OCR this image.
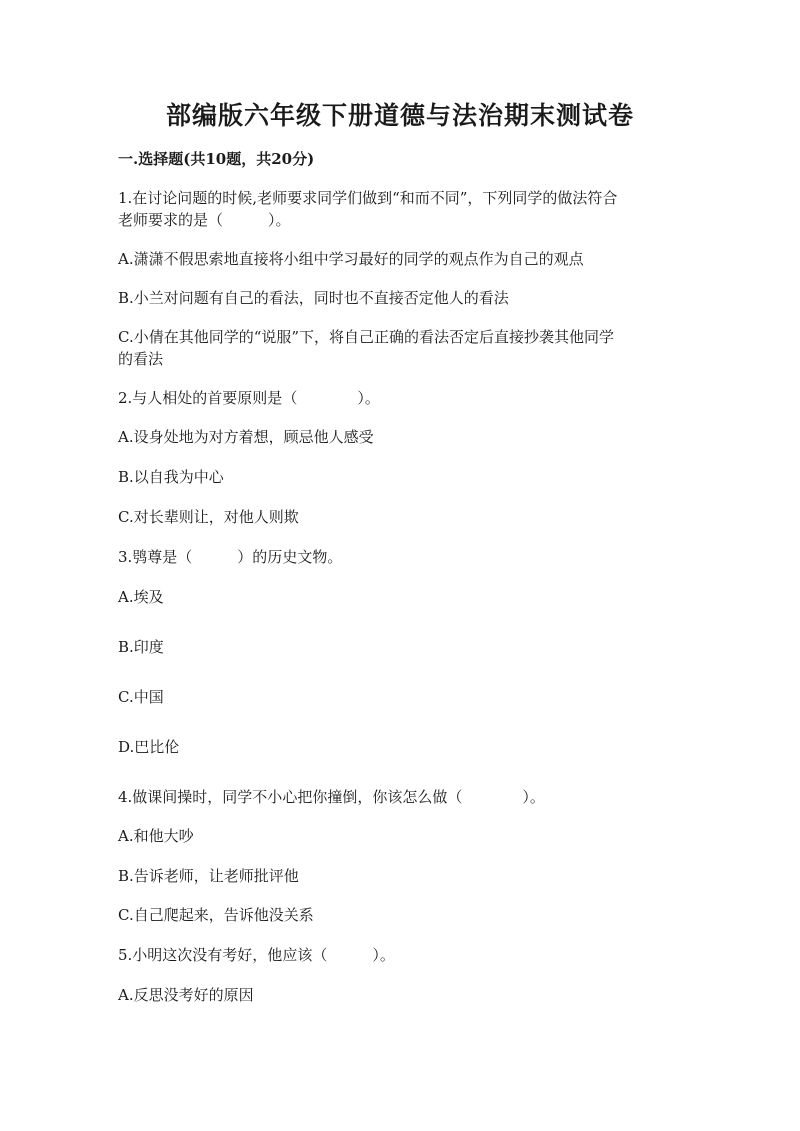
部编版六年级下册道德与法治期末测试卷
一.选择题(共10题，共20分)
1.在讨论问题的时候,老师要求同学们做到“和而不同”，下列同学的做法符合
老师要求的是（　　　）。
A.潇潇不假思索地直接将小组中学习最好的同学的观点作为自己的观点
B.小兰对问题有自己的看法，同时也不直接否定他人的看法
C.小倩在其他同学的“说服”下，将自己正确的看法否定后直接抄袭其他同学
的看法
2.与人相处的首要原则是（　　　　）。
A.设身处地为对方着想，顾忌他人感受
B.以自我为中心
C.对长辈则让，对他人则欺
3.鸮尊是（　　　）的历史文物。
A.埃及
B.印度
C.中国
D.巴比伦
4.做课间操时，同学不小心把你撞倒，你该怎么做（　　　　）。
A.和他大吵
B.告诉老师，让老师批评他
C.自己爬起来，告诉他没关系
5.小明这次没有考好，他应该（　　　）。
A.反思没考好的原因
